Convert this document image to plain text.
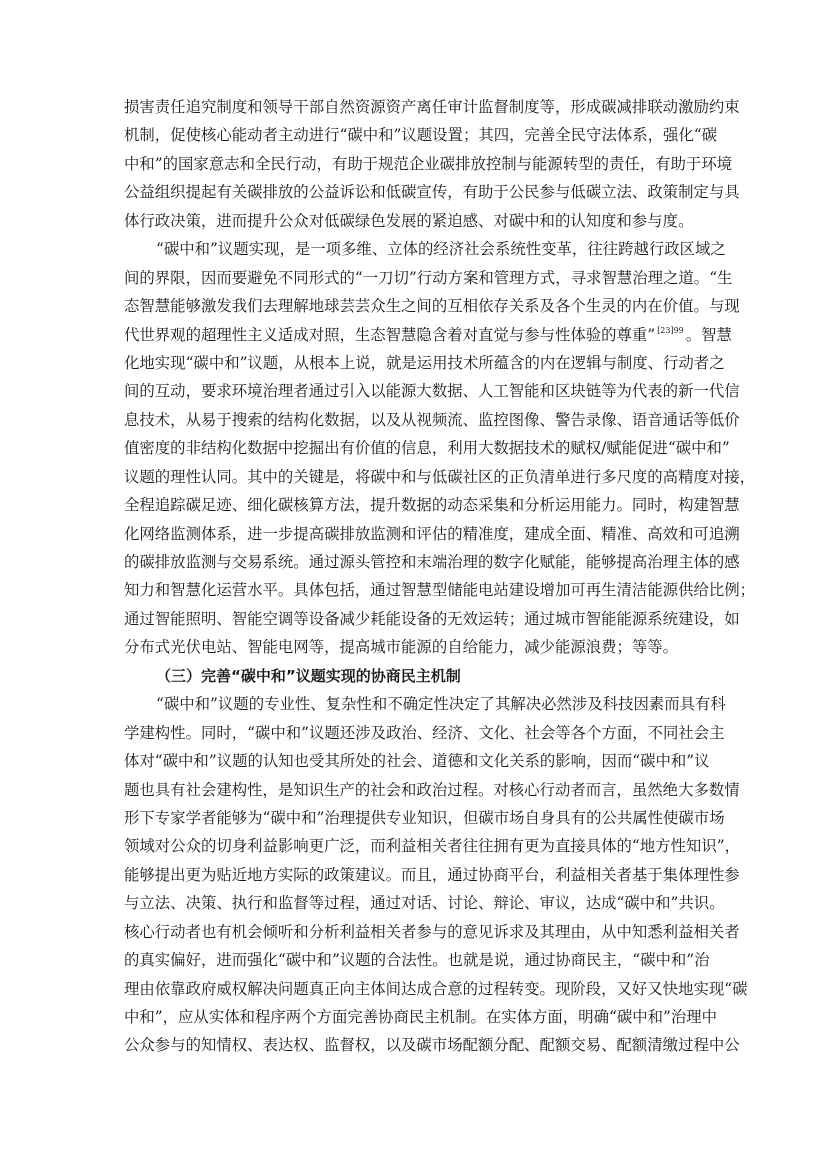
损害责任追究制度和领导干部自然资源资产离任审计监督制度等，形成碳减排联动激励约束
机制，促使核心能动者主动进行“碳中和”议题设置；其四，完善全民守法体系，强化“碳
中和”的国家意志和全民行动，有助于规范企业碳排放控制与能源转型的责任，有助于环境
公益组织提起有关碳排放的公益诉讼和低碳宣传，有助于公民参与低碳立法、政策制定与具
体行政决策，进而提升公众对低碳绿色发展的紧迫感、对碳中和的认知度和参与度。
“碳中和”议题实现，是一项多维、立体的经济社会系统性变革，往往跨越行政区域之
间的界限，因而要避免不同形式的“一刀切”行动方案和管理方式，寻求智慧治理之道。“生
态智慧能够激发我们去理解地球芸芸众生之间的互相依存关系及各个生灵的内在价值。与现
代世界观的超理性主义适成对照，生态智慧隐含着对直觉与参与性体验的尊重” $^{[23]99}$ 。智慧
化地实现“碳中和”议题，从根本上说，就是运用技术所蕴含的内在逻辑与制度、行动者之
间的互动，要求环境治理者通过引入以能源大数据、人工智能和区块链等为代表的新一代信
息技术，从易于搜索的结构化数据，以及从视频流、监控图像、警告录像、语音通话等低价
值密度的非结构化数据中挖掘出有价值的信息，利用大数据技术的赋权/赋能促进“碳中和”
议题的理性认同。其中的关键是，将碳中和与低碳社区的正负清单进行多尺度的高精度对接，
全程追踪碳足迹、细化碳核算方法，提升数据的动态采集和分析运用能力。同时，构建智慧
化网络监测体系，进一步提高碳排放监测和评估的精准度，建成全面、精准、高效和可追溯
的碳排放监测与交易系统。通过源头管控和末端治理的数字化赋能，能够提高治理主体的感
知力和智慧化运营水平。具体包括，通过智慧型储能电站建设增加可再生清洁能源供给比例；
通过智能照明、智能空调等设备减少耗能设备的无效运转；通过城市智能能源系统建设，如
分布式光伏电站、智能电网等，提高城市能源的自给能力，减少能源浪费；等等。
（三）完善“碳中和”议题实现的协商民主机制
“碳中和”议题的专业性、复杂性和不确定性决定了其解决必然涉及科技因素而具有科
学建构性。同时，“碳中和”议题还涉及政治、经济、文化、社会等各个方面，不同社会主
体对“碳中和”议题的认知也受其所处的社会、道德和文化关系的影响，因而“碳中和”议
题也具有社会建构性，是知识生产的社会和政治过程。对核心行动者而言，虽然绝大多数情
形下专家学者能够为“碳中和”治理提供专业知识，但碳市场自身具有的公共属性使碳市场
领域对公众的切身利益影响更广泛，而利益相关者往往拥有更为直接具体的“地方性知识”，
能够提出更为贴近地方实际的政策建议。而且，通过协商平台，利益相关者基于集体理性参
与立法、决策、执行和监督等过程，通过对话、讨论、辩论、审议，达成“碳中和”共识。
核心行动者也有机会倾听和分析利益相关者参与的意见诉求及其理由，从中知悉利益相关者
的真实偏好，进而强化“碳中和”议题的合法性。也就是说，通过协商民主，“碳中和”治
理由依靠政府威权解决问题真正向主体间达成合意的过程转变。现阶段，又好又快地实现“碳
中和”，应从实体和程序两个方面完善协商民主机制。在实体方面，明确“碳中和”治理中
公众参与的知情权、表达权、监督权，以及碳市场配额分配、配额交易、配额清缴过程中公
